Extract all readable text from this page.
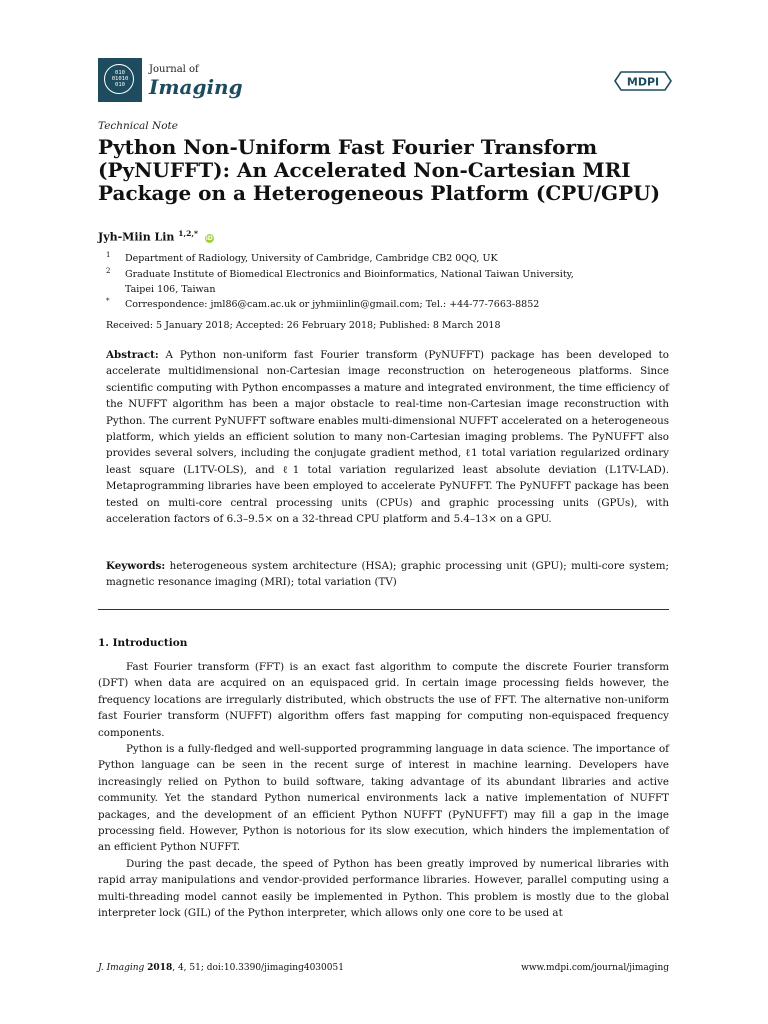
010
01010
010
Journal of
Imaging	MDPI
Technical Note
Python Non-Uniform Fast Fourier Transform (PyNUFFT): An Accelerated Non-Cartesian MRI Package on a Heterogeneous Platform (CPU/GPU)
Jyh-Miin Lin $^{1,2,*}$ iD
1 Department of Radiology, University of Cambridge, Cambridge CB2 0QQ, UK
2 Graduate Institute of Biomedical Electronics and Bioinformatics, National Taiwan University, Taipei 106, Taiwan
* Correspondence: jml86@cam.ac.uk or jyhmiinlin@gmail.com; Tel.: +44-77-7663-8852
Received: 5 January 2018; Accepted: 26 February 2018; Published: 8 March 2018
Abstract: A Python non-uniform fast Fourier transform (PyNUFFT) package has been developed to accelerate multidimensional non-Cartesian image reconstruction on heterogeneous platforms. Since scientific computing with Python encompasses a mature and integrated environment, the time efficiency of the NUFFT algorithm has been a major obstacle to real-time non-Cartesian image reconstruction with Python. The current PyNUFFT software enables multi-dimensional NUFFT accelerated on a heterogeneous platform, which yields an efficient solution to many non-Cartesian imaging problems. The PyNUFFT also provides several solvers, including the conjugate gradient method, ℓ1 total variation regularized ordinary least square (L1TV-OLS), and ℓ1 total variation regularized least absolute deviation (L1TV-LAD). Metaprogramming libraries have been employed to accelerate PyNUFFT. The PyNUFFT package has been tested on multi-core central processing units (CPUs) and graphic processing units (GPUs), with acceleration factors of 6.3–9.5× on a 32-thread CPU platform and 5.4–13× on a GPU.
Keywords: heterogeneous system architecture (HSA); graphic processing unit (GPU); multi-core system; magnetic resonance imaging (MRI); total variation (TV)
1. Introduction
Fast Fourier transform (FFT) is an exact fast algorithm to compute the discrete Fourier transform (DFT) when data are acquired on an equispaced grid. In certain image processing fields however, the frequency locations are irregularly distributed, which obstructs the use of FFT. The alternative non-uniform fast Fourier transform (NUFFT) algorithm offers fast mapping for computing non-equispaced frequency components.
Python is a fully-fledged and well-supported programming language in data science. The importance of Python language can be seen in the recent surge of interest in machine learning. Developers have increasingly relied on Python to build software, taking advantage of its abundant libraries and active community. Yet the standard Python numerical environments lack a native implementation of NUFFT packages, and the development of an efficient Python NUFFT (PyNUFFT) may fill a gap in the image processing field. However, Python is notorious for its slow execution, which hinders the implementation of an efficient Python NUFFT.
During the past decade, the speed of Python has been greatly improved by numerical libraries with rapid array manipulations and vendor-provided performance libraries. However, parallel computing using a multi-threading model cannot easily be implemented in Python. This problem is mostly due to the global interpreter lock (GIL) of the Python interpreter, which allows only one core to be used at
J. Imaging 2018, 4, 51; doi:10.3390/jimaging4030051	www.mdpi.com/journal/jimaging
